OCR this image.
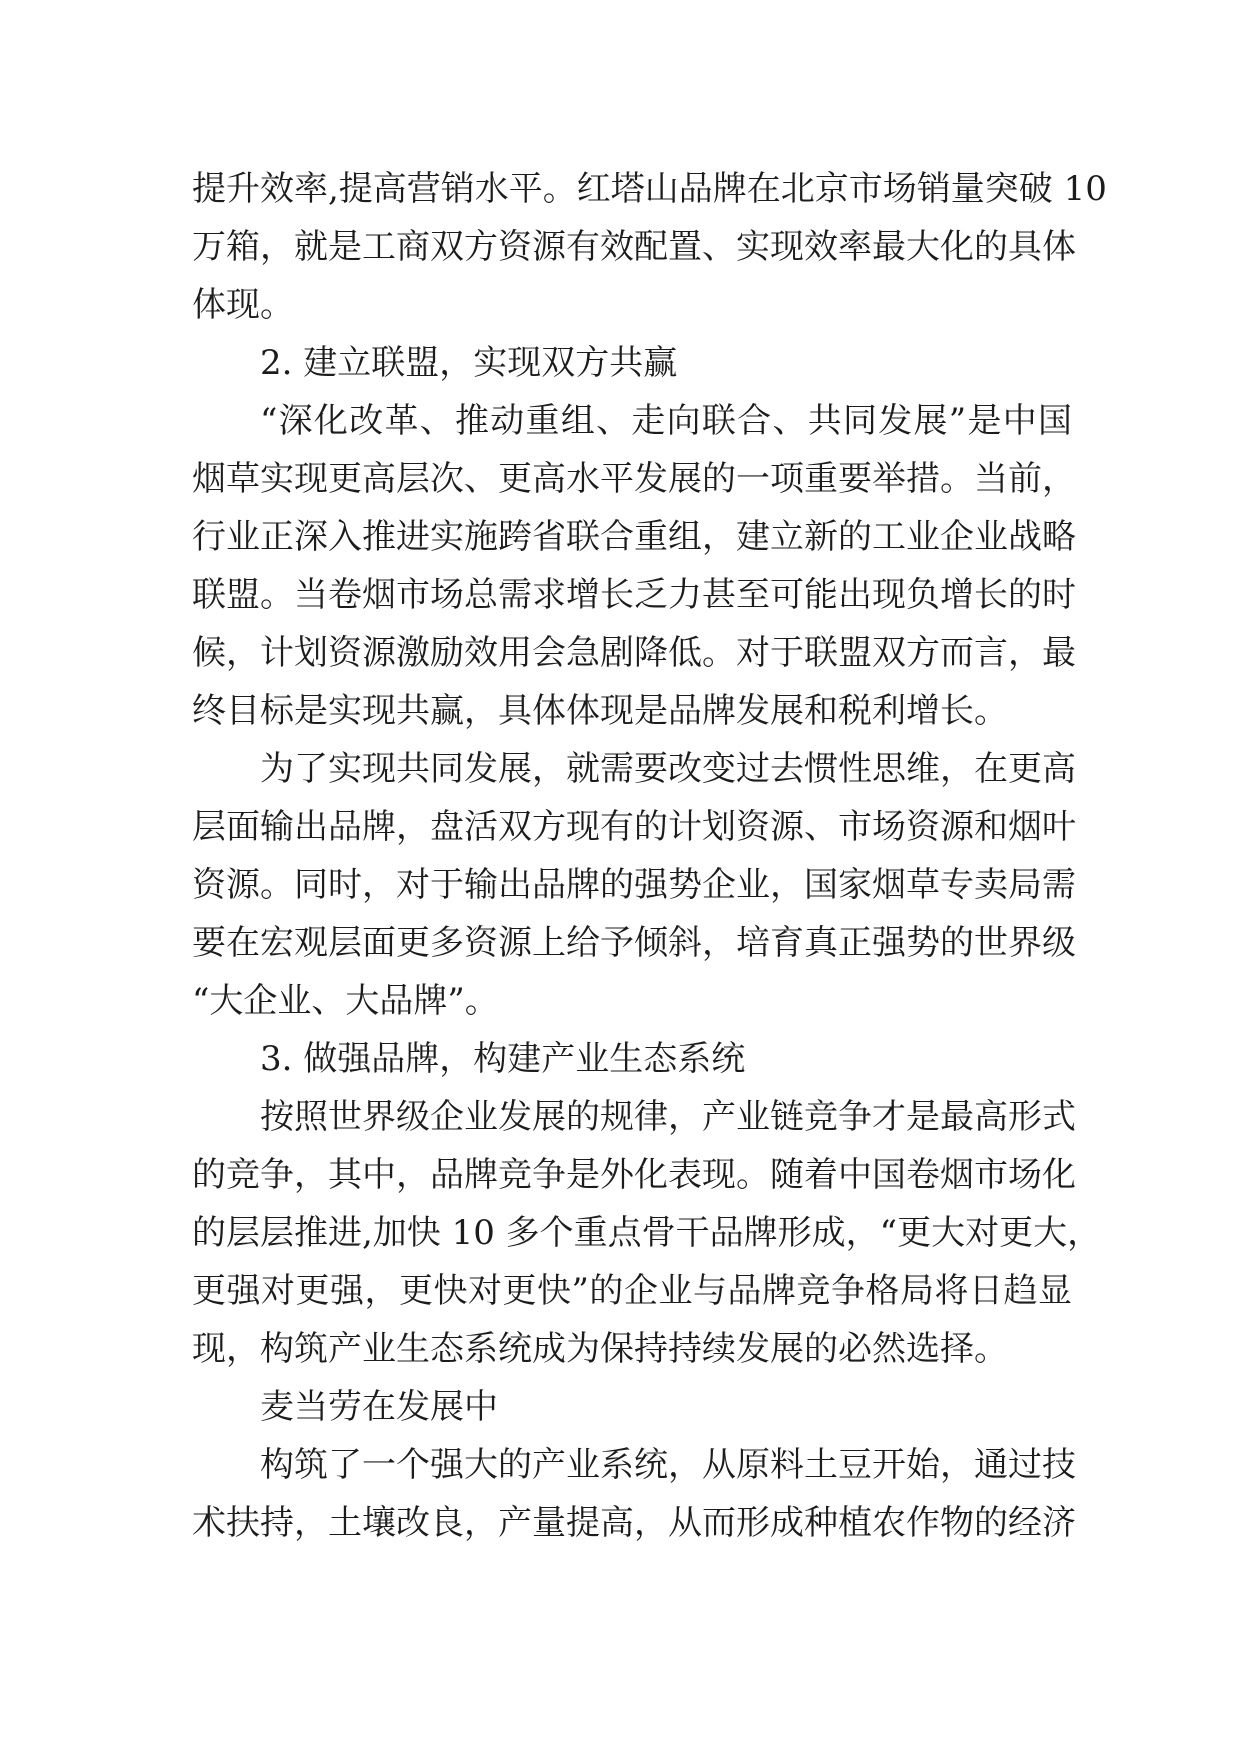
提升效率,提高营销水平。红塔山品牌在北京市场销量突破 10
万箱，就是工商双方资源有效配置、实现效率最大化的具体
体现。
2. 建立联盟，实现双方共赢
“深化改革、推动重组、走向联合、共同发展”是中国
烟草实现更高层次、更高水平发展的一项重要举措。当前，
行业正深入推进实施跨省联合重组，建立新的工业企业战略
联盟。当卷烟市场总需求增长乏力甚至可能出现负增长的时
候，计划资源激励效用会急剧降低。对于联盟双方而言，最
终目标是实现共赢，具体体现是品牌发展和税利增长。
为了实现共同发展，就需要改变过去惯性思维，在更高
层面输出品牌，盘活双方现有的计划资源、市场资源和烟叶
资源。同时，对于输出品牌的强势企业，国家烟草专卖局需
要在宏观层面更多资源上给予倾斜，培育真正强势的世界级
“大企业、大品牌”。
3. 做强品牌，构建产业生态系统
按照世界级企业发展的规律，产业链竞争才是最高形式
的竞争，其中，品牌竞争是外化表现。随着中国卷烟市场化
的层层推进,加快 10 多个重点骨干品牌形成，“更大对更大，
更强对更强，更快对更快”的企业与品牌竞争格局将日趋显
现，构筑产业生态系统成为保持持续发展的必然选择。
麦当劳在发展中
构筑了一个强大的产业系统，从原料土豆开始，通过技
术扶持，土壤改良，产量提高，从而形成种植农作物的经济
